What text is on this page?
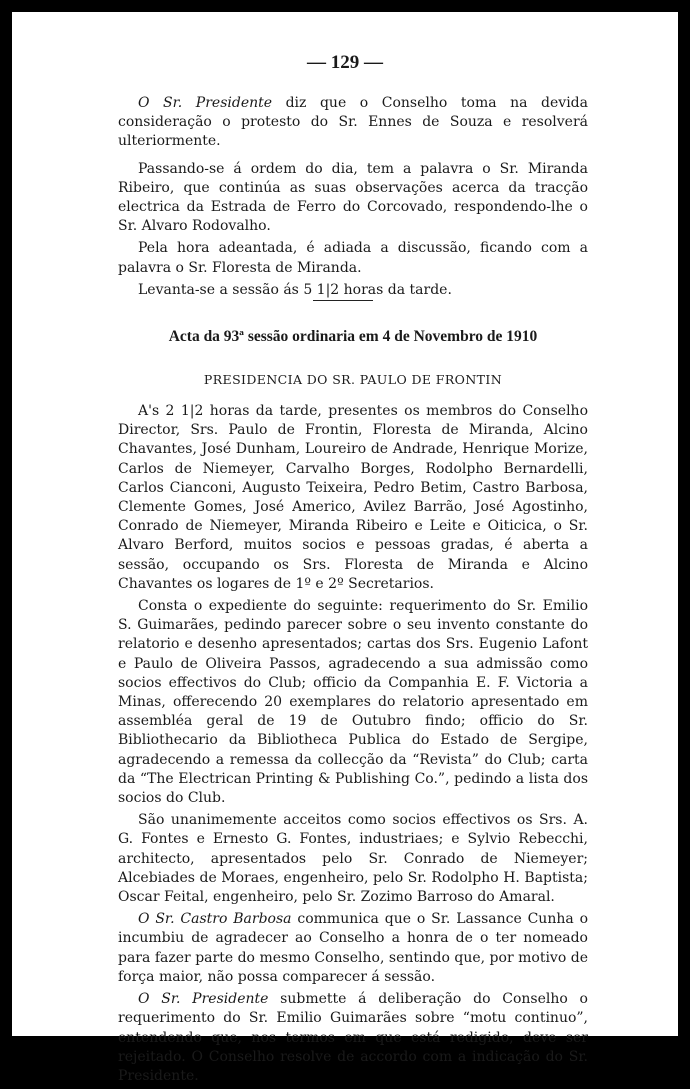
— 129 —

O Sr. Presidente diz que o Conselho toma na devida consideração o protesto do Sr. Ennes de Souza e resolverá ulteriormente.

Passando-se á ordem do dia, tem a palavra o Sr. Miranda Ribeiro, que continúa as suas observações acerca da tracção electrica da Estrada de Ferro do Corcovado, respondendo-lhe o Sr. Alvaro Rodovalho.

Pela hora adeantada, é adiada a discussão, ficando com a palavra o Sr. Floresta de Miranda.

Levanta-se a sessão ás 5 1|2 horas da tarde.

Acta da 93ª sessão ordinaria em 4 de Novembro de 1910
PRESIDENCIA DO SR. PAULO DE FRONTIN

A's 2 1|2 horas da tarde, presentes os membros do Conselho Director, Srs. Paulo de Frontin, Floresta de Miranda, Alcino Chavantes, José Dunham, Loureiro de Andrade, Henrique Morize, Carlos de Niemeyer, Carvalho Borges, Rodolpho Bernardelli, Carlos Cianconi, Augusto Teixeira, Pedro Betim, Castro Barbosa, Clemente Gomes, José Americo, Avilez Barrão, José Agostinho, Conrado de Niemeyer, Miranda Ribeiro e Leite e Oiticica, o Sr. Alvaro Berford, muitos socios e pessoas gradas, é aberta a sessão, occupando os Srs. Floresta de Miranda e Alcino Chavantes os logares de 1º e 2º Secretarios.

Consta o expediente do seguinte: requerimento do Sr. Emilio S. Guimarães, pedindo parecer sobre o seu invento constante do relatorio e desenho apresentados; cartas dos Srs. Eugenio Lafont e Paulo de Oliveira Passos, agradecendo a sua admissão como socios effectivos do Club; officio da Companhia E. F. Victoria a Minas, offerecendo 20 exemplares do relatorio apresentado em assembléa geral de 19 de Outubro findo; officio do Sr. Bibliothecario da Bibliotheca Publica do Estado de Sergipe, agradecendo a remessa da collecção da “Revista” do Club; carta da “The Electrican Printing & Publishing Co.”, pedindo a lista dos socios do Club.

São unanimemente acceitos como socios effectivos os Srs. A. G. Fontes e Ernesto G. Fontes, industriaes; e Sylvio Rebecchi, architecto, apresentados pelo Sr. Conrado de Niemeyer; Alcebiades de Moraes, engenheiro, pelo Sr. Rodolpho H. Baptista; Oscar Feital, engenheiro, pelo Sr. Zozimo Barroso do Amaral.

O Sr. Castro Barbosa communica que o Sr. Lassance Cunha o incumbiu de agradecer ao Conselho a honra de o ter nomeado para fazer parte do mesmo Conselho, sentindo que, por motivo de força maior, não possa comparecer á sessão.

O Sr. Presidente submette á deliberação do Conselho o requerimento do Sr. Emilio Guimarães sobre “motu continuo”, entendendo que, nos termos em que está redigido, deve ser rejeitado. O Conselho resolve de accordo com a indicação do Sr. Presidente.
